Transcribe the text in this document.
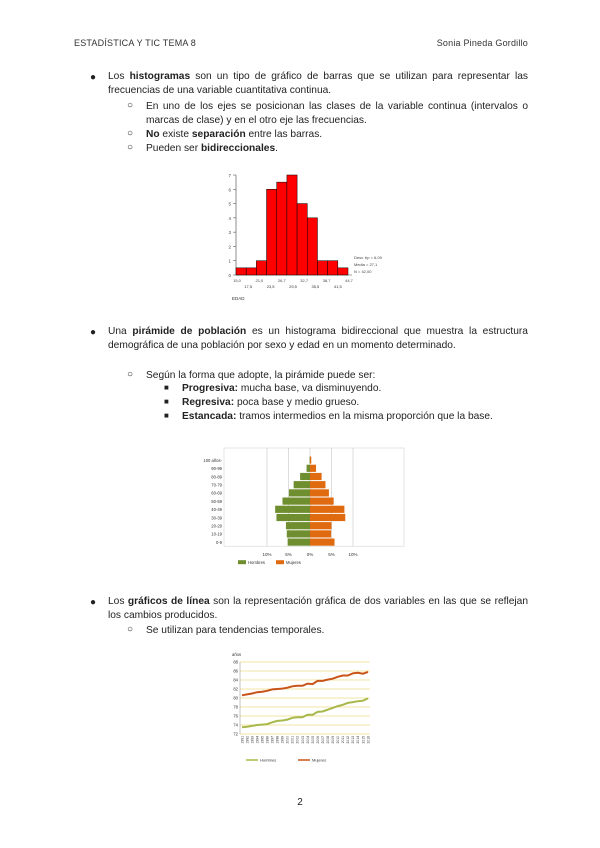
ESTADÍSTICA Y TIC TEMA 8	Sonia Pineda Gordillo
● Los histogramas son un tipo de gráfico de barras que se utilizan para representar las frecuencias de una variable cuantitativa continua.
○ En uno de los ejes se posicionan las clases de la variable continua (intervalos o marcas de clase) y en el otro eje las frecuencias.
○ No existe separación entre las barras.
○ Pueden ser bidireccionales.
0
1
2
3
4
5
6
7
15,0	21,0	26,7	32,7	38,7	44,7
17,5	23,5	29,5	35,5	41,5
EDAD
Desv. típ = 6,09
Media = 27,1
N = 42,00
● Una pirámide de población es un histograma bidireccional que muestra la estructura demográfica de una población por sexo y edad en un momento determinado.
○ Según la forma que adopte, la pirámide puede ser:
■ Progresiva: mucha base, va disminuyendo.
■ Regresiva: poca base y medio grueso.
■ Estancada: tramos intermedios en la misma proporción que la base.
0-9
10-19
20-29
30-39
40-49
50-59
60-69
70-79
80-89
90-99
100 años-
10%	5%	0%	5%	10%
Hombres	Mujeres
● Los gráficos de línea son la representación gráfica de dos variables en las que se reflejan los cambios producidos.
○ Se utilizan para tendencias temporales.
años
72
74
76
78
80
82
84
86
88
1991 1992 1993 1994 1995 1996 1997 1998 1999 2000 2001 2002 2003 2004 2005 2006 2007 2008 2009 2010 2011 2012 2013 2014 2015 2016
Hombres	Mujeres
2
